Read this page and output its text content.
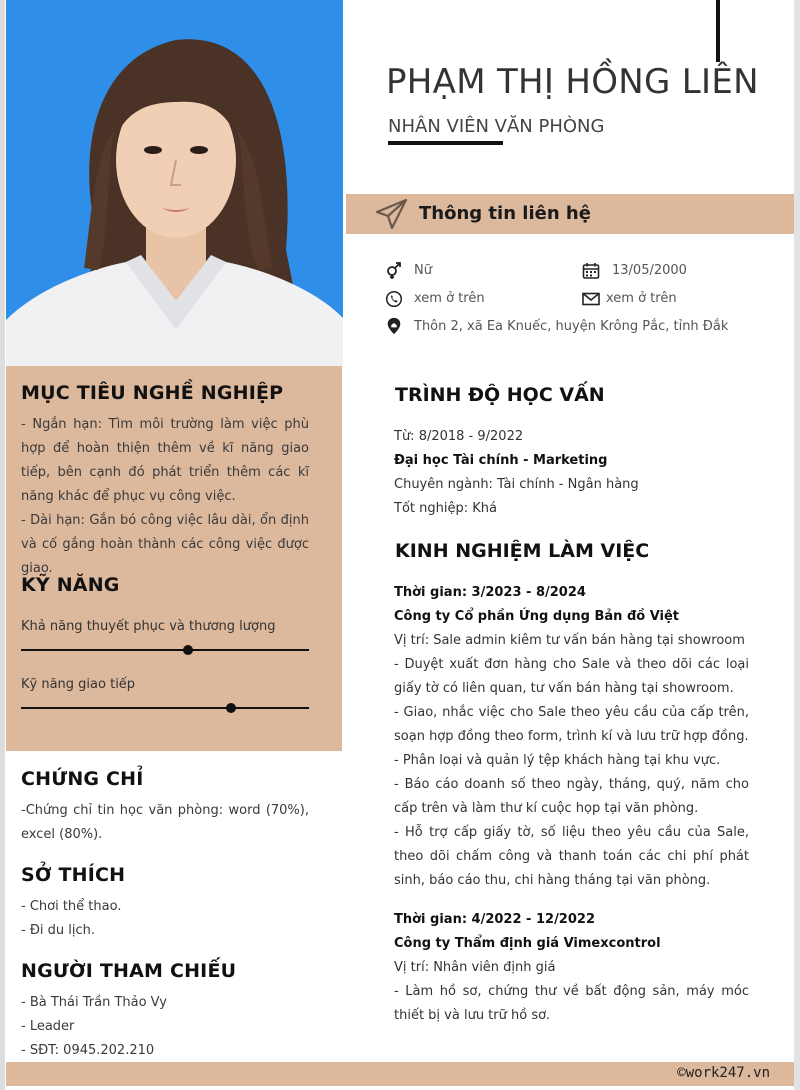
MỤC TIÊU NGHỀ NGHIỆP
- Ngắn hạn: Tìm môi trường làm việc phù hợp để hoàn thiện thêm về kĩ năng giao tiếp, bên cạnh đó phát triển thêm các kĩ năng khác để phục vụ công việc.
- Dài hạn: Gắn bó công việc lâu dài, ổn định và cố gắng hoàn thành các công việc được giao.
KỸ NĂNG
Khả năng thuyết phục và thương lượng
Kỹ năng giao tiếp
CHỨNG CHỈ
-Chứng chỉ tin học văn phòng: word (70%), excel (80%).
SỞ THÍCH
- Chơi thể thao.
- Đi du lịch.
NGƯỜI THAM CHIẾU
- Bà Thái Trần Thảo Vy
- Leader
- SĐT: 0945.202.210
PHẠM THỊ HỒNG LIÊN
NHÂN VIÊN VĂN PHÒNG
Thông tin liên hệ
Nữ	13/05/2000
xem ở trên	xem ở trên
Thôn 2, xã Ea Knuếc, huyện Krông Pắc, tỉnh Đắk
TRÌNH ĐỘ HỌC VẤN
Từ: 8/2018 - 9/2022
Đại học Tài chính - Marketing
Chuyên ngành: Tài chính - Ngân hàng
Tốt nghiệp: Khá
KINH NGHIỆM LÀM VIỆC
Thời gian: 3/2023 - 8/2024
Công ty Cổ phần Ứng dụng Bản đồ Việt
Vị trí: Sale admin kiêm tư vấn bán hàng tại showroom
- Duyệt xuất đơn hàng cho Sale và theo dõi các loại giấy tờ có liên quan, tư vấn bán hàng tại showroom.
- Giao, nhắc việc cho Sale theo yêu cầu của cấp trên, soạn hợp đồng theo form, trình kí và lưu trữ hợp đồng.
- Phân loại và quản lý tệp khách hàng tại khu vực.
- Báo cáo doanh số theo ngày, tháng, quý, năm cho cấp trên và làm thư kí cuộc họp tại văn phòng.
- Hỗ trợ cấp giấy tờ, số liệu theo yêu cầu của Sale, theo dõi chấm công và thanh toán các chi phí phát sinh, báo cáo thu, chi hàng tháng tại văn phòng.
Thời gian: 4/2022 - 12/2022
Công ty Thẩm định giá Vimexcontrol
Vị trí: Nhân viên định giá
- Làm hồ sơ, chứng thư về bất động sản, máy móc thiết bị và lưu trữ hồ sơ.
©work247.vn
